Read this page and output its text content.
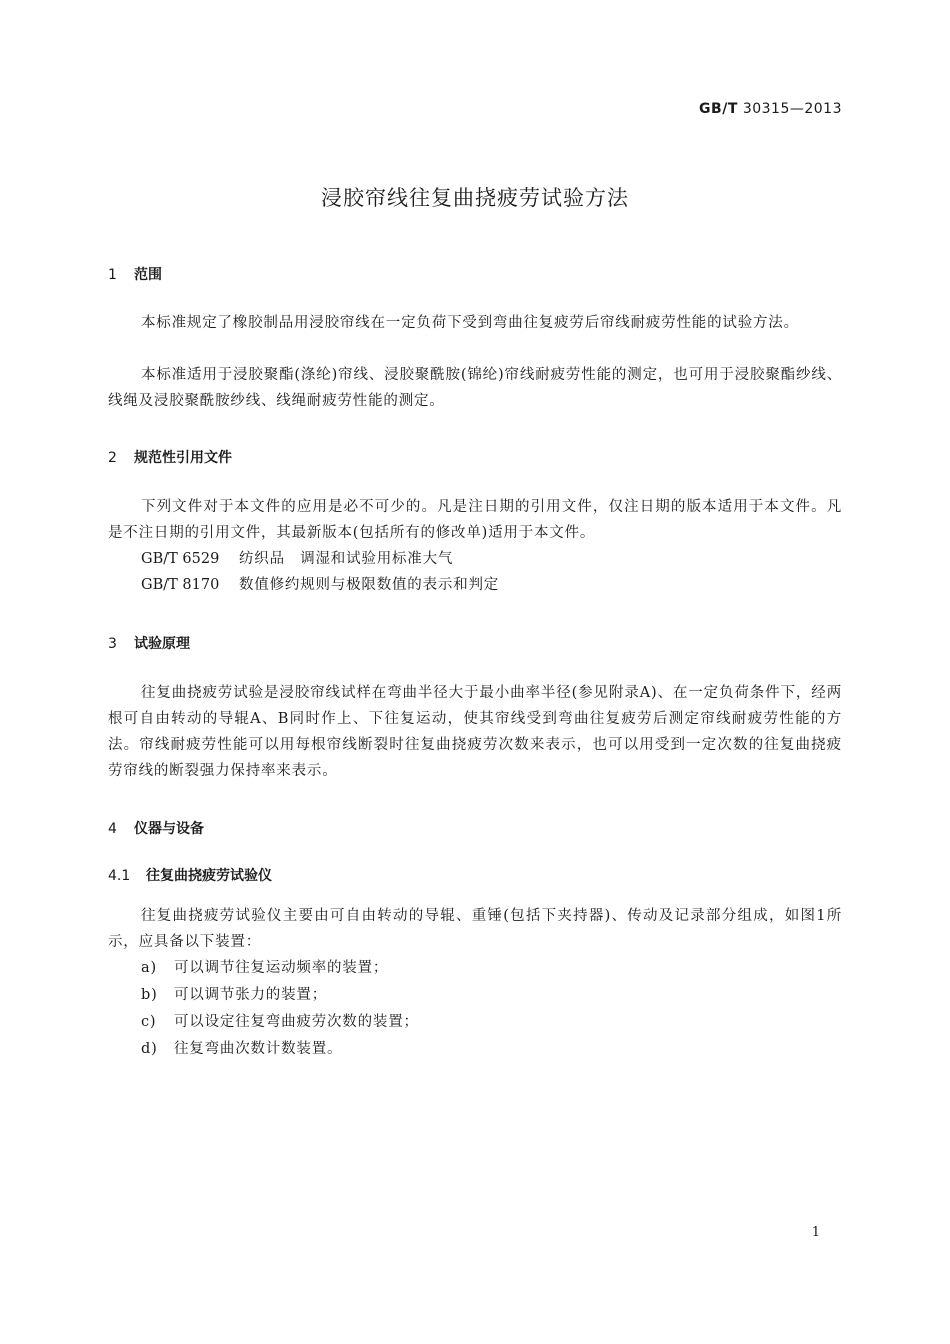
GB/T 30315—2013
浸胶帘线往复曲挠疲劳试验方法
1 范围
本标准规定了橡胶制品用浸胶帘线在一定负荷下受到弯曲往复疲劳后帘线耐疲劳性能的试验方法。
本标准适用于浸胶聚酯(涤纶)帘线、浸胶聚酰胺(锦纶)帘线耐疲劳性能的测定，也可用于浸胶聚酯纱线、线绳及浸胶聚酰胺纱线、线绳耐疲劳性能的测定。
2 规范性引用文件
下列文件对于本文件的应用是必不可少的。凡是注日期的引用文件，仅注日期的版本适用于本文件。凡是不注日期的引用文件，其最新版本(包括所有的修改单)适用于本文件。
GB/T 6529 纺织品　调湿和试验用标准大气
GB/T 8170 数值修约规则与极限数值的表示和判定
3 试验原理
往复曲挠疲劳试验是浸胶帘线试样在弯曲半径大于最小曲率半径(参见附录A)、在一定负荷条件下，经两根可自由转动的导辊A、B同时作上、下往复运动，使其帘线受到弯曲往复疲劳后测定帘线耐疲劳性能的方法。帘线耐疲劳性能可以用每根帘线断裂时往复曲挠疲劳次数来表示，也可以用受到一定次数的往复曲挠疲劳帘线的断裂强力保持率来表示。
4 仪器与设备
4.1 往复曲挠疲劳试验仪
往复曲挠疲劳试验仪主要由可自由转动的导辊、重锤(包括下夹持器)、传动及记录部分组成，如图1所示，应具备以下装置：
a) 可以调节往复运动频率的装置；
b) 可以调节张力的装置；
c) 可以设定往复弯曲疲劳次数的装置；
d) 往复弯曲次数计数装置。
1
